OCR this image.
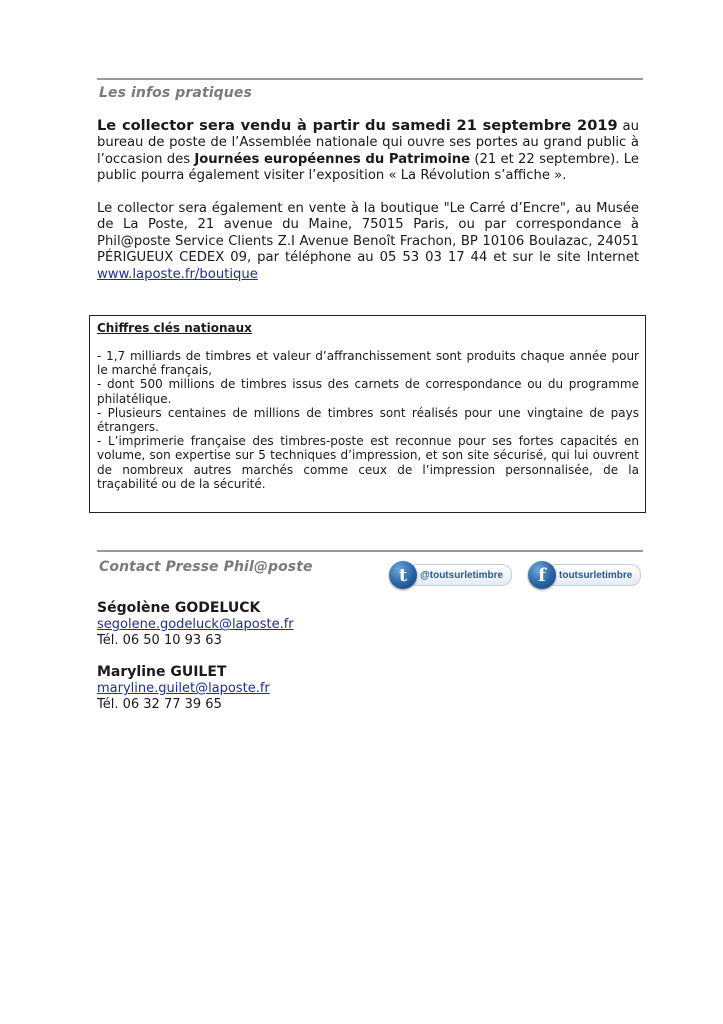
Les infos pratiques

Le collector sera vendu à partir du samedi 21 septembre 2019 au bureau de poste de l’Assemblée nationale qui ouvre ses portes au grand public à l’occasion des Journées européennes du Patrimoine (21 et 22 septembre). Le public pourra également visiter l’exposition « La Révolution s’affiche ».

Le collector sera également en vente à la boutique "Le Carré d’Encre", au Musée de La Poste, 21 avenue du Maine, 75015 Paris, ou par correspondance à Phil@poste Service Clients Z.I Avenue Benoît Frachon, BP 10106 Boulazac, 24051 PÉRIGUEUX CEDEX 09, par téléphone au 05 53 03 17 44 et sur le site Internet www.laposte.fr/boutique

Chiffres clés nationaux

- 1,7 milliards de timbres et valeur d’affranchissement sont produits chaque année pour le marché français,

- dont 500 millions de timbres issus des carnets de correspondance ou du programme philatélique.

- Plusieurs centaines de millions de timbres sont réalisés pour une vingtaine de pays étrangers.

- L’imprimerie française des timbres-poste est reconnue pour ses fortes capacités en volume, son expertise sur 5 techniques d’impression, et son site sécurisé, qui lui ouvrent de nombreux autres marchés comme ceux de l’impression personnalisée, de la traçabilité ou de la sécurité.

Contact Presse Phil@poste	t	@toutsurletimbre	f	toutsurletimbre

Ségolène GODELUCK

segolene.godeluck@laposte.fr

Tél. 06 50 10 93 63

Maryline GUILET

maryline.guilet@laposte.fr

Tél. 06 32 77 39 65
